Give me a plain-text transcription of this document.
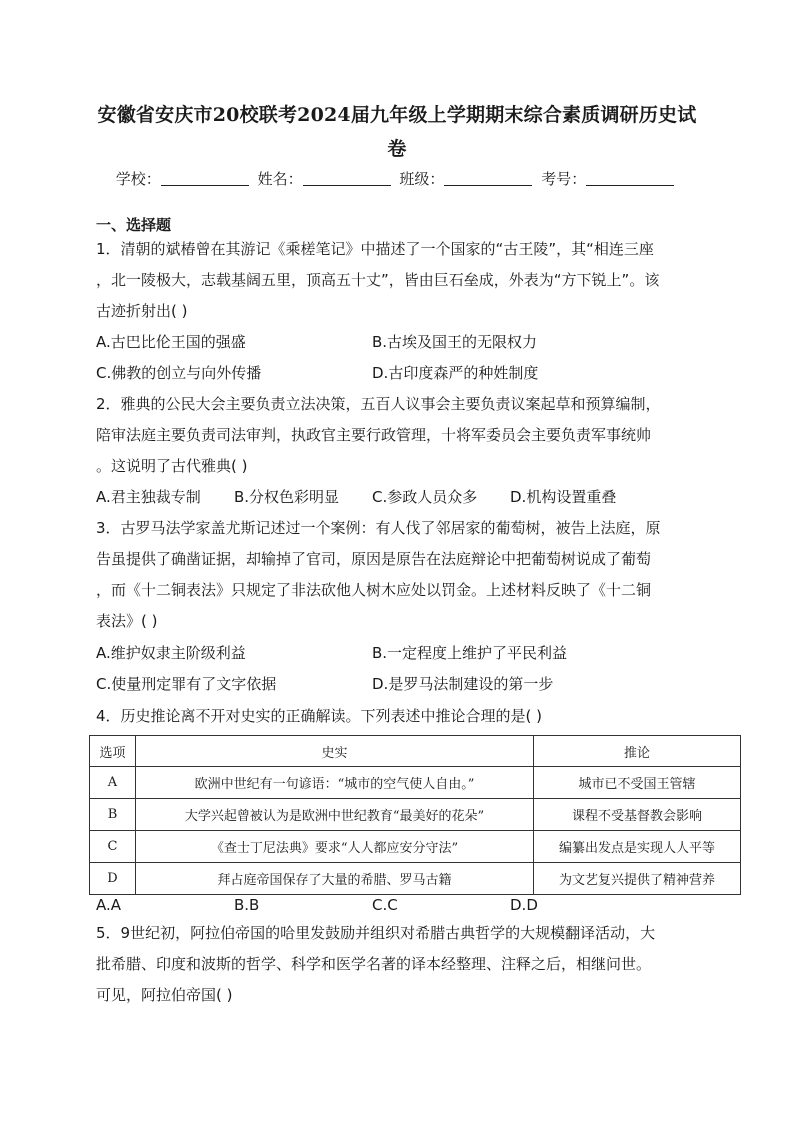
安徽省安庆市20校联考2024届九年级上学期期末综合素质调研历史试
卷
学校：	姓名：	班级：	考号：
一、选择题
1．清朝的斌椿曾在其游记《乘槎笔记》中描述了一个国家的“古王陵”，其“相连三座
，北一陵极大，志载基阔五里，顶高五十丈”，皆由巨石垒成，外表为“方下锐上”。该
古迹折射出( )
A.古巴比伦王国的强盛	B.古埃及国王的无限权力
C.佛教的创立与向外传播	D.古印度森严的种姓制度
2．雅典的公民大会主要负责立法决策，五百人议事会主要负责议案起草和预算编制，
陪审法庭主要负责司法审判，执政官主要行政管理，十将军委员会主要负责军事统帅
。这说明了古代雅典( )
A.君主独裁专制 B.分权色彩明显 C.参政人员众多 D.机构设置重叠
3．古罗马法学家盖尤斯记述过一个案例：有人伐了邻居家的葡萄树，被告上法庭，原
告虽提供了确凿证据，却输掉了官司，原因是原告在法庭辩论中把葡萄树说成了葡萄
，而《十二铜表法》只规定了非法砍他人树木应处以罚金。上述材料反映了《十二铜
表法》( )
A.维护奴隶主阶级利益	B.一定程度上维护了平民利益
C.使量刑定罪有了文字依据	D.是罗马法制建设的第一步
4．历史推论离不开对史实的正确解读。下列表述中推论合理的是( )
选项	史实	推论
A	欧洲中世纪有一句谚语：“城市的空气使人自由。”	城市已不受国王管辖
B	大学兴起曾被认为是欧洲中世纪教育“最美好的花朵”	课程不受基督教会影响
C	《查士丁尼法典》要求“人人都应安分守法”	编纂出发点是实现人人平等
D	拜占庭帝国保存了大量的希腊、罗马古籍	为文艺复兴提供了精神营养
A.A	B.B	C.C	D.D
5．9世纪初，阿拉伯帝国的哈里发鼓励并组织对希腊古典哲学的大规模翻译活动，大
批希腊、印度和波斯的哲学、科学和医学名著的译本经整理、注释之后，相继问世。
可见，阿拉伯帝国( )
